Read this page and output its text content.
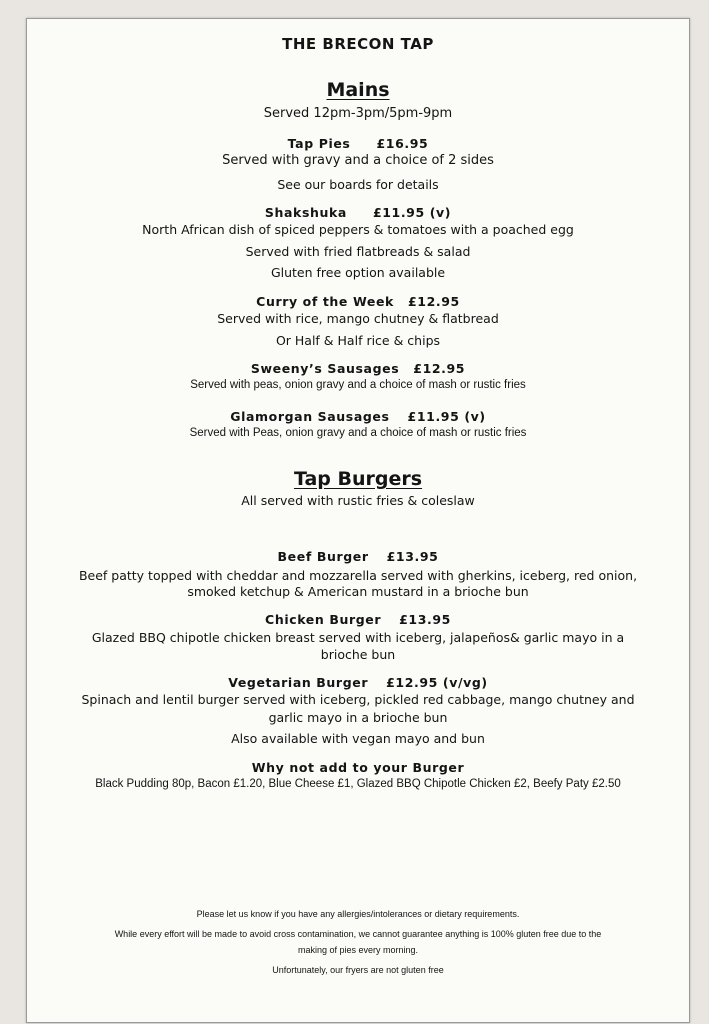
THE BRECON TAP
Mains
Served 12pm-3pm/5pm-9pm
Tap Pies £16.95
Served with gravy and a choice of 2 sides
See our boards for details
Shakshuka £11.95 (v)
North African dish of spiced peppers & tomatoes with a poached egg
Served with fried flatbreads & salad
Gluten free option available
Curry of the Week £12.95
Served with rice, mango chutney & flatbread
Or Half & Half rice & chips
Sweeny’s Sausages £12.95
Served with peas, onion gravy and a choice of mash or rustic fries
Glamorgan Sausages £11.95 (v)
Served with Peas, onion gravy and a choice of mash or rustic fries
Tap Burgers
All served with rustic fries & coleslaw
Beef Burger £13.95
Beef patty topped with cheddar and mozzarella served with gherkins, iceberg, red onion,
smoked ketchup & American mustard in a brioche bun
Chicken Burger £13.95
Glazed BBQ chipotle chicken breast served with iceberg, jalapeños& garlic mayo in a
brioche bun
Vegetarian Burger £12.95 (v/vg)
Spinach and lentil burger served with iceberg, pickled red cabbage, mango chutney and
garlic mayo in a brioche bun
Also available with vegan mayo and bun
Why not add to your Burger
Black Pudding 80p, Bacon £1.20, Blue Cheese £1, Glazed BBQ Chipotle Chicken £2, Beefy Paty £2.50
Please let us know if you have any allergies/intolerances or dietary requirements.
While every effort will be made to avoid cross contamination, we cannot guarantee anything is 100% gluten free due to the
making of pies every morning.
Unfortunately, our fryers are not gluten free
